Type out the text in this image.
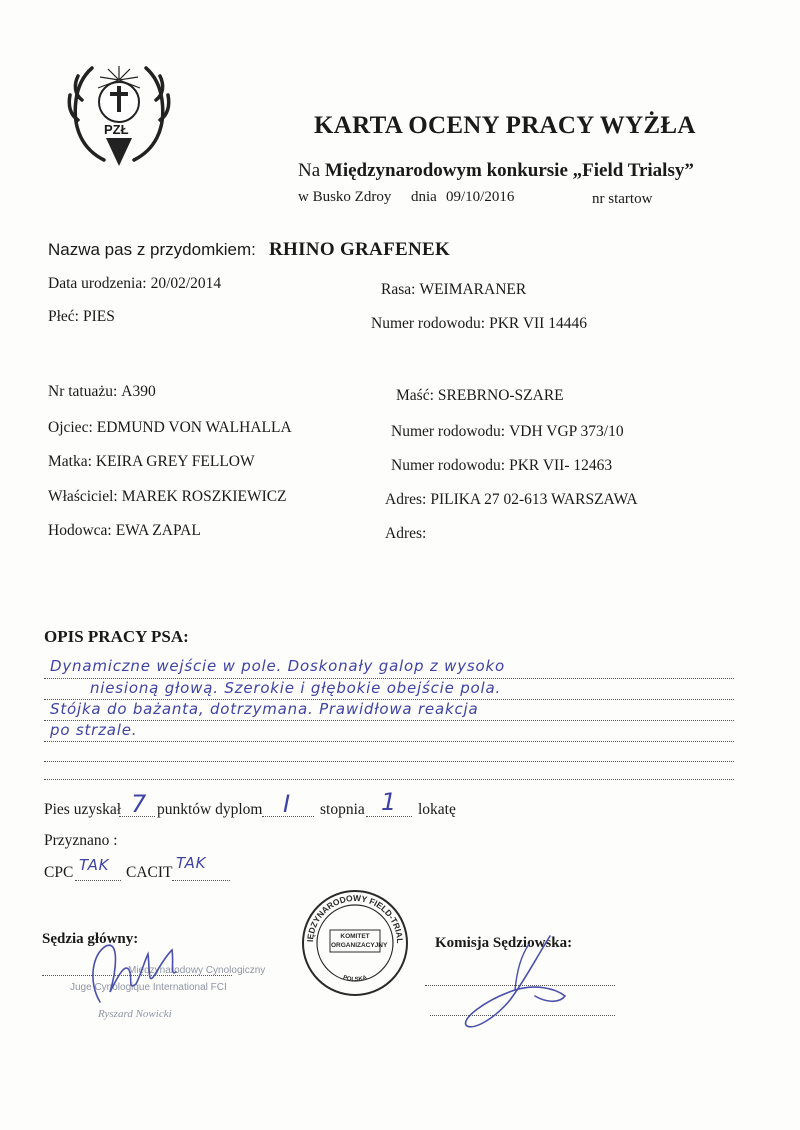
PZŁ	KARTA OCENY PRACY WYŻŁA
Na Międzynarodowym konkursie „Field Trialsy”
w Busko Zdroy dnia 09/10/2016	nr startow
Nazwa pas z przydomkiem: RHINO GRAFENEK
Data urodzenia: 20/02/2014
Płeć: PIES
Nr tatuażu: A390
Ojciec: EDMUND VON WALHALLA
Matka: KEIRA GREY FELLOW
Właściciel: MAREK ROSZKIEWICZ
Hodowca: EWA ZAPAL
Rasa: WEIMARANER
Numer rodowodu: PKR VII 14446
Maść: SREBRNO-SZARE
Numer rodowodu: VDH VGP 373/10
Numer rodowodu: PKR VII- 12463
Adres: PILIKA 27 02-613 WARSZAWA
Adres:
OPIS PRACY PSA:
Dynamiczne wejście w pole. Doskonały galop z wysoko
niesioną głową. Szerokie i głębokie obejście pola.
Stójka do bażanta, dotrzymana. Prawidłowa reakcja
po strzale.
Pies uzyskał 7 punktów dyplom I stopnia 1 lokatę
Przyznano :
CPC TAK CACIT
TAK
Sędzia główny:
Międzynarodowy Cynologiczny
Juge Cynologique International FCI
Ryszard Nowicki
IĘDZYNARODOWY FIELD-TRIAL
POLSKA
KOMITET ORGANIZACYJNY	Komisja Sędziowska:
